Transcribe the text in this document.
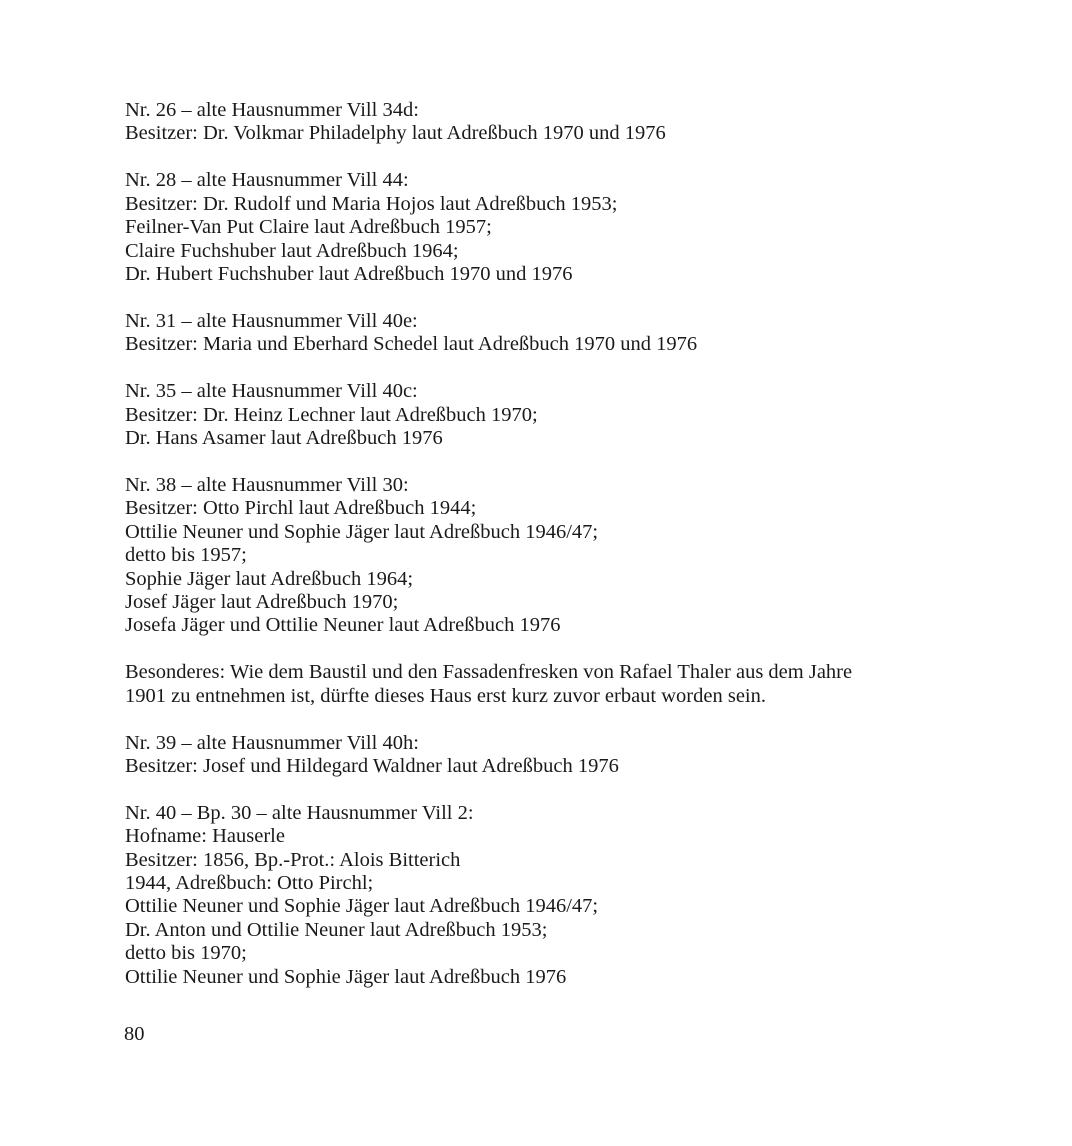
Nr. 26 – alte Hausnummer Vill 34d:
Besitzer: Dr. Volkmar Philadelphy laut Adreßbuch 1970 und 1976
Nr. 28 – alte Hausnummer Vill 44:
Besitzer: Dr. Rudolf und Maria Hojos laut Adreßbuch 1953;
Feilner-Van Put Claire laut Adreßbuch 1957;
Claire Fuchshuber laut Adreßbuch 1964;
Dr. Hubert Fuchshuber laut Adreßbuch 1970 und 1976
Nr. 31 – alte Hausnummer Vill 40e:
Besitzer: Maria und Eberhard Schedel laut Adreßbuch 1970 und 1976
Nr. 35 – alte Hausnummer Vill 40c:
Besitzer: Dr. Heinz Lechner laut Adreßbuch 1970;
Dr. Hans Asamer laut Adreßbuch 1976
Nr. 38 – alte Hausnummer Vill 30:
Besitzer: Otto Pirchl laut Adreßbuch 1944;
Ottilie Neuner und Sophie Jäger laut Adreßbuch 1946/47;
detto bis 1957;
Sophie Jäger laut Adreßbuch 1964;
Josef Jäger laut Adreßbuch 1970;
Josefa Jäger und Ottilie Neuner laut Adreßbuch 1976
Besonderes: Wie dem Baustil und den Fassadenfresken von Rafael Thaler aus dem Jahre
1901 zu entnehmen ist, dürfte dieses Haus erst kurz zuvor erbaut worden sein.
Nr. 39 – alte Hausnummer Vill 40h:
Besitzer: Josef und Hildegard Waldner laut Adreßbuch 1976
Nr. 40 – Bp. 30 – alte Hausnummer Vill 2:
Hofname: Hauserle
Besitzer: 1856, Bp.-Prot.: Alois Bitterich
1944, Adreßbuch: Otto Pirchl;
Ottilie Neuner und Sophie Jäger laut Adreßbuch 1946/47;
Dr. Anton und Ottilie Neuner laut Adreßbuch 1953;
detto bis 1970;
Ottilie Neuner und Sophie Jäger laut Adreßbuch 1976
80
